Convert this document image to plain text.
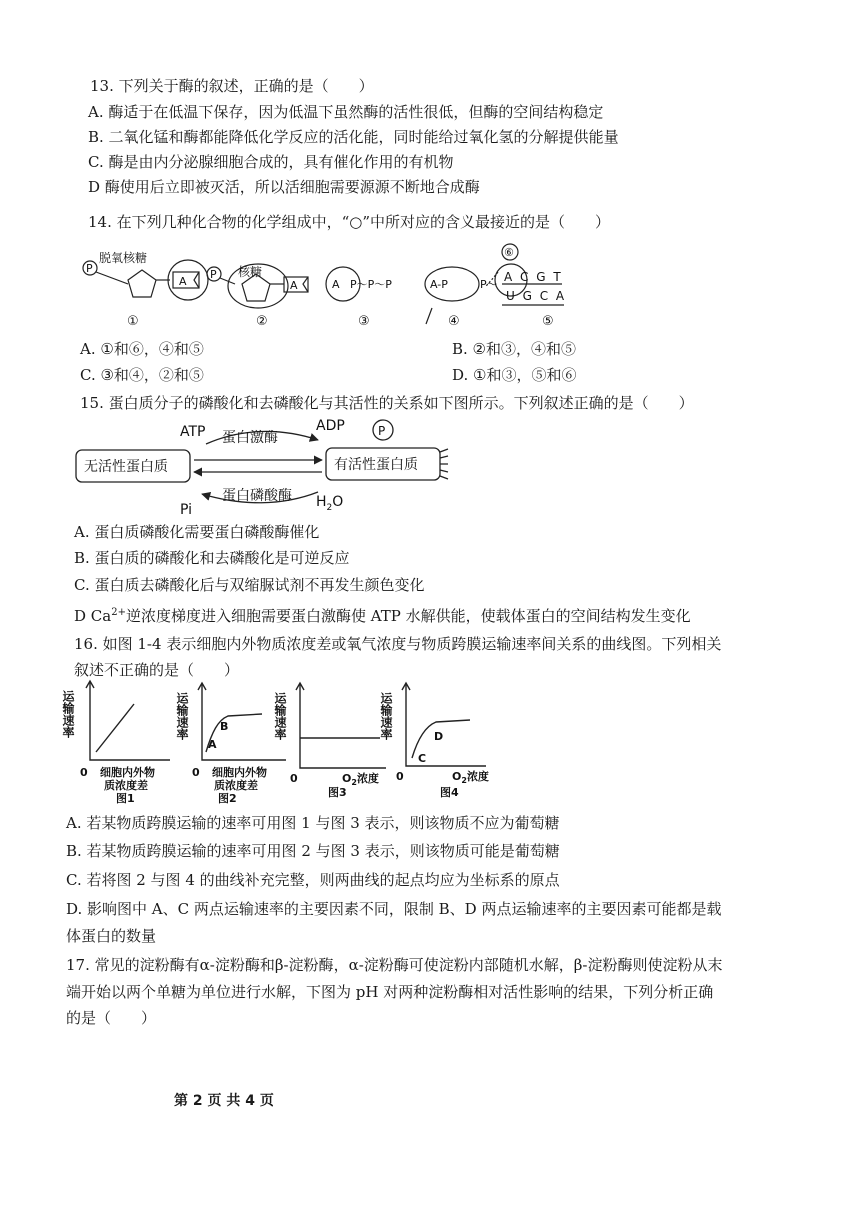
13. 下列关于酶的叙述，正确的是（　　）
A. 酶适于在低温下保存，因为低温下虽然酶的活性很低，但酶的空间结构稳定
B. 二氧化锰和酶都能降低化学反应的活化能，同时能给过氧化氢的分解提供能量
C. 酶是由内分泌腺细胞合成的，具有催化作用的有机物
D 酶使用后立即被灭活，所以活细胞需要源源不断地合成酶
14. 在下列几种化合物的化学组成中，“○”中所对应的含义最接近的是（　　）
P
脱氧核糖
A
P 核糖
A	A P～P～P	A-P	P～
⑥
A C G T
U G C A
①	②	③	④	⑤
A. ①和⑥，④和⑤	B. ②和③，④和⑤
C. ③和④，②和⑤	D. ①和③，⑤和⑥
15. 蛋白质分子的磷酸化和去磷酸化与其活性的关系如下图所示。下列叙述正确的是（　　）
ATP	ADP
蛋白激酶	P
无活性蛋白质	有活性蛋白质
Pi
蛋白磷酸酶 $H_2O$
A. 蛋白质磷酸化需要蛋白磷酸酶催化
B. 蛋白质的磷酸化和去磷酸化是可逆反应
C. 蛋白质去磷酸化后与双缩脲试剂不再发生颜色变化
D $Ca^{2+}$逆浓度梯度进入细胞需要蛋白激酶使 ATP 水解供能，使载体蛋白的空间结构发生变化
16. 如图 1-4 表示细胞内外物质浓度差或氧气浓度与物质跨膜运输速率间关系的曲线图。下列相关
叙述不正确的是（　　）
运输速率	运输速率	运输速率	运输速率
0 细胞内外物
质浓度差
图1
0 细胞内外物
质浓度差
图2
B
A
0	$O_2$浓度
图3
0	$O_2$浓度
图4
D
C
A. 若某物质跨膜运输的速率可用图 1 与图 3 表示，则该物质不应为葡萄糖
B. 若某物质跨膜运输的速率可用图 2 与图 3 表示，则该物质可能是葡萄糖
C. 若将图 2 与图 4 的曲线补充完整，则两曲线的起点均应为坐标系的原点
D. 影响图中 A、C 两点运输速率的主要因素不同，限制 B、D 两点运输速率的主要因素可能都是载
体蛋白的数量
17. 常见的淀粉酶有α-淀粉酶和β-淀粉酶，α-淀粉酶可使淀粉内部随机水解，β-淀粉酶则使淀粉从末
端开始以两个单糖为单位进行水解，下图为 pH 对两种淀粉酶相对活性影响的结果，下列分析正确
的是（　　）
第 2 页 共 4 页
